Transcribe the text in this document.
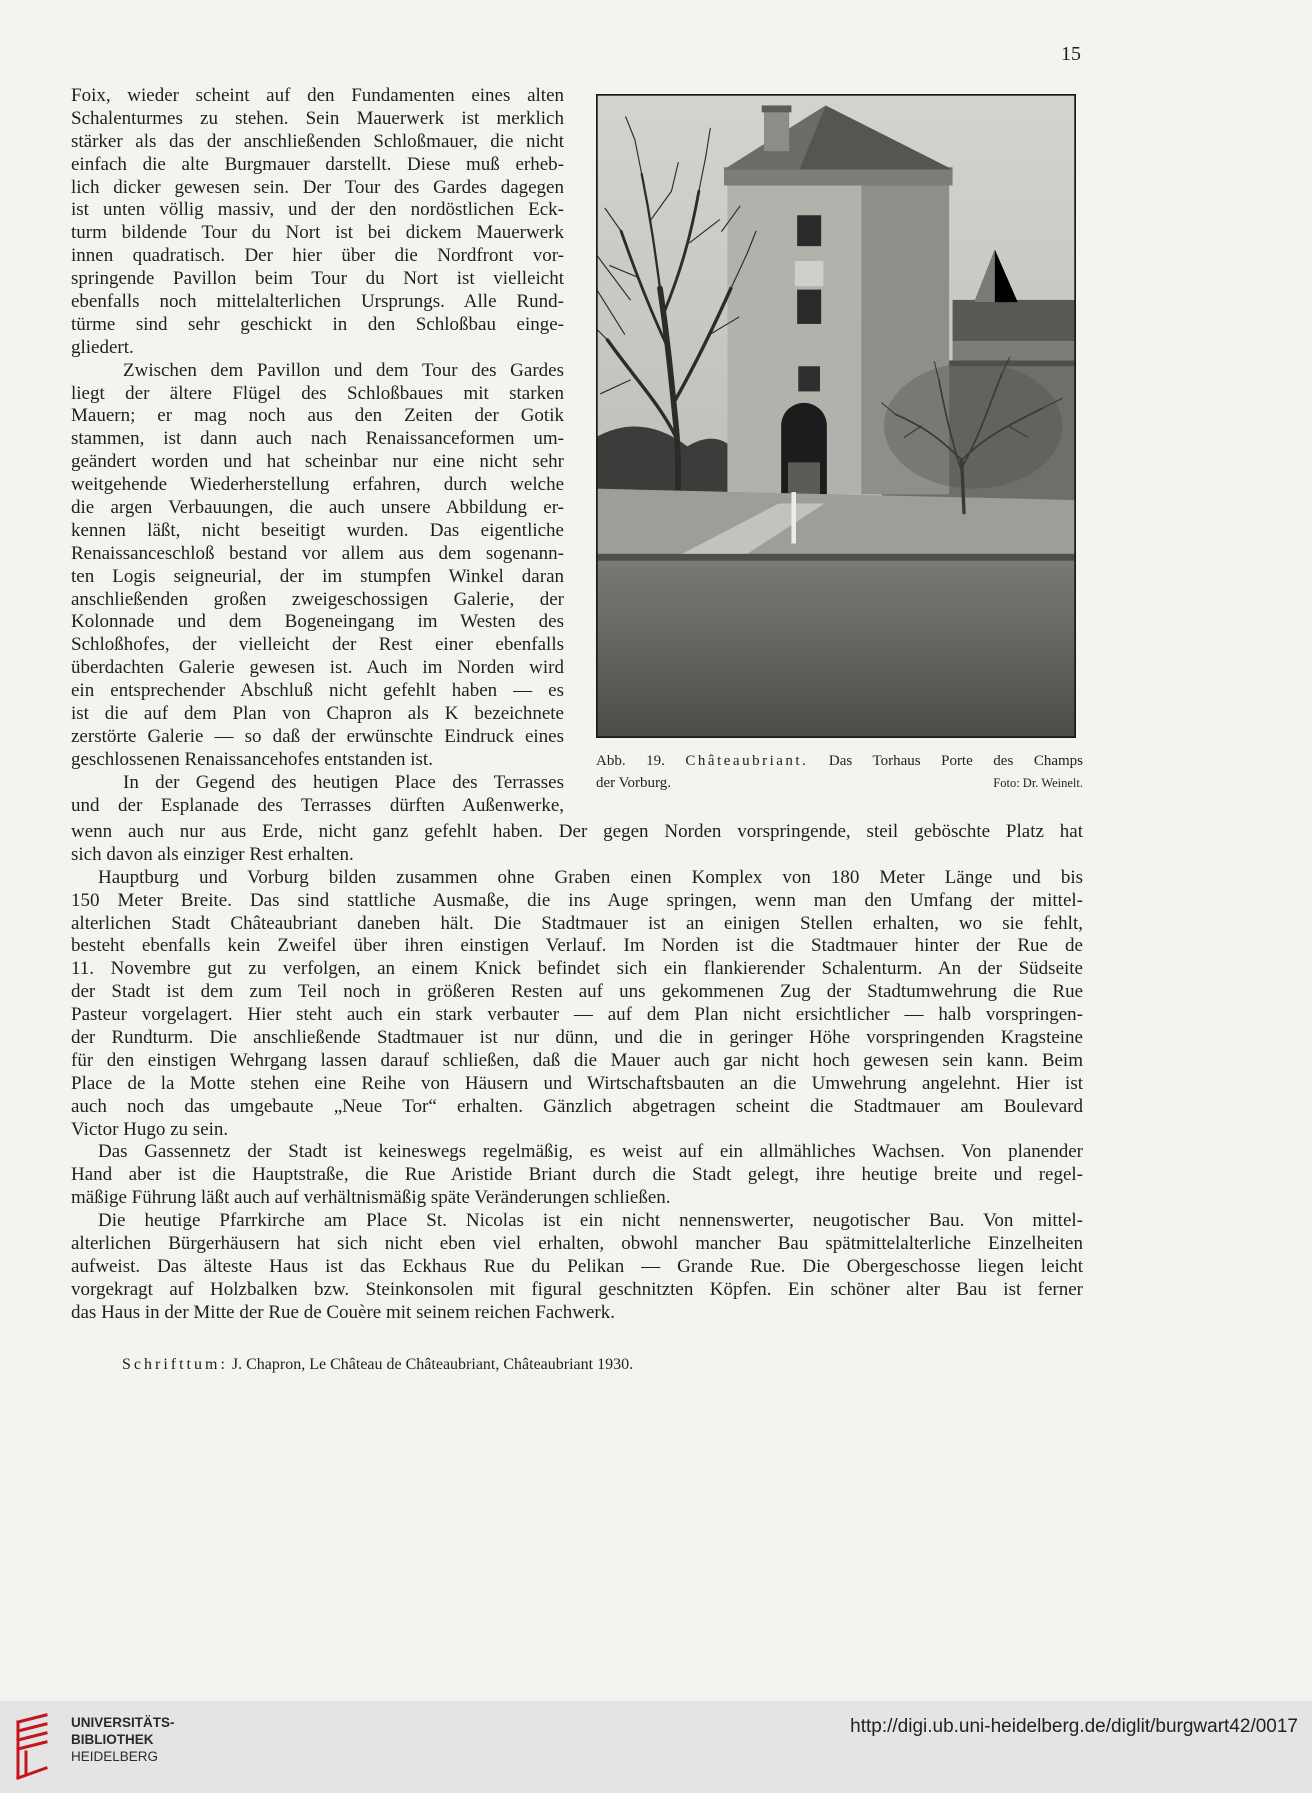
15
Foix, wieder scheint auf den Fundamenten eines alten
Schalenturmes zu stehen. Sein Mauerwerk ist merklich
stärker als das der anschließenden Schloßmauer, die nicht
einfach die alte Burgmauer darstellt. Diese muß erheb-
lich dicker gewesen sein. Der Tour des Gardes dagegen
ist unten völlig massiv, und der den nordöstlichen Eck-
turm bildende Tour du Nort ist bei dickem Mauerwerk
innen quadratisch. Der hier über die Nordfront vor-
springende Pavillon beim Tour du Nort ist vielleicht
ebenfalls noch mittelalterlichen Ursprungs. Alle Rund-
türme sind sehr geschickt in den Schloßbau einge-
gliedert.
Zwischen dem Pavillon und dem Tour des Gardes
liegt der ältere Flügel des Schloßbaues mit starken
Mauern; er mag noch aus den Zeiten der Gotik
stammen, ist dann auch nach Renaissanceformen um-
geändert worden und hat scheinbar nur eine nicht sehr
weitgehende Wiederherstellung erfahren, durch welche
die argen Verbauungen, die auch unsere Abbildung er-
kennen läßt, nicht beseitigt wurden. Das eigentliche
Renaissanceschloß bestand vor allem aus dem sogenann-
ten Logis seigneurial, der im stumpfen Winkel daran
anschließenden großen zweigeschossigen Galerie, der
Kolonnade und dem Bogeneingang im Westen des
Schloßhofes, der vielleicht der Rest einer ebenfalls
überdachten Galerie gewesen ist. Auch im Norden wird
ein entsprechender Abschluß nicht gefehlt haben — es
ist die auf dem Plan von Chapron als K bezeichnete
zerstörte Galerie — so daß der erwünschte Eindruck eines
geschlossenen Renaissancehofes entstanden ist.
In der Gegend des heutigen Place des Terrasses
und der Esplanade des Terrasses dürften Außenwerke,
Abb. 19. Châteaubriant. Das Torhaus Porte des Champs
der Vorburg.	Foto: Dr. Weinelt.
wenn auch nur aus Erde, nicht ganz gefehlt haben. Der gegen Norden vorspringende, steil geböschte Platz hat
sich davon als einziger Rest erhalten.
Hauptburg und Vorburg bilden zusammen ohne Graben einen Komplex von 180 Meter Länge und bis
150 Meter Breite. Das sind stattliche Ausmaße, die ins Auge springen, wenn man den Umfang der mittel-
alterlichen Stadt Châteaubriant daneben hält. Die Stadtmauer ist an einigen Stellen erhalten, wo sie fehlt,
besteht ebenfalls kein Zweifel über ihren einstigen Verlauf. Im Norden ist die Stadtmauer hinter der Rue de
11. Novembre gut zu verfolgen, an einem Knick befindet sich ein flankierender Schalenturm. An der Südseite
der Stadt ist dem zum Teil noch in größeren Resten auf uns gekommenen Zug der Stadtumwehrung die Rue
Pasteur vorgelagert. Hier steht auch ein stark verbauter — auf dem Plan nicht ersichtlicher — halb vorspringen-
der Rundturm. Die anschließende Stadtmauer ist nur dünn, und die in geringer Höhe vorspringenden Kragsteine
für den einstigen Wehrgang lassen darauf schließen, daß die Mauer auch gar nicht hoch gewesen sein kann. Beim
Place de la Motte stehen eine Reihe von Häusern und Wirtschaftsbauten an die Umwehrung angelehnt. Hier ist
auch noch das umgebaute „Neue Tor“ erhalten. Gänzlich abgetragen scheint die Stadtmauer am Boulevard
Victor Hugo zu sein.
Das Gassennetz der Stadt ist keineswegs regelmäßig, es weist auf ein allmähliches Wachsen. Von planender
Hand aber ist die Hauptstraße, die Rue Aristide Briant durch die Stadt gelegt, ihre heutige breite und regel-
mäßige Führung läßt auch auf verhältnismäßig späte Veränderungen schließen.
Die heutige Pfarrkirche am Place St. Nicolas ist ein nicht nennenswerter, neugotischer Bau. Von mittel-
alterlichen Bürgerhäusern hat sich nicht eben viel erhalten, obwohl mancher Bau spätmittelalterliche Einzelheiten
aufweist. Das älteste Haus ist das Eckhaus Rue du Pelikan — Grande Rue. Die Obergeschosse liegen leicht
vorgekragt auf Holzbalken bzw. Steinkonsolen mit figural geschnitzten Köpfen. Ein schöner alter Bau ist ferner
das Haus in der Mitte der Rue de Couère mit seinem reichen Fachwerk.
Schrifttum: J. Chapron, Le Château de Châteaubriant, Châteaubriant 1930.
UNIVERSITÄTS-
BIBLIOTHEK
HEIDELBERG
http://digi.ub.uni-heidelberg.de/diglit/burgwart42/0017
